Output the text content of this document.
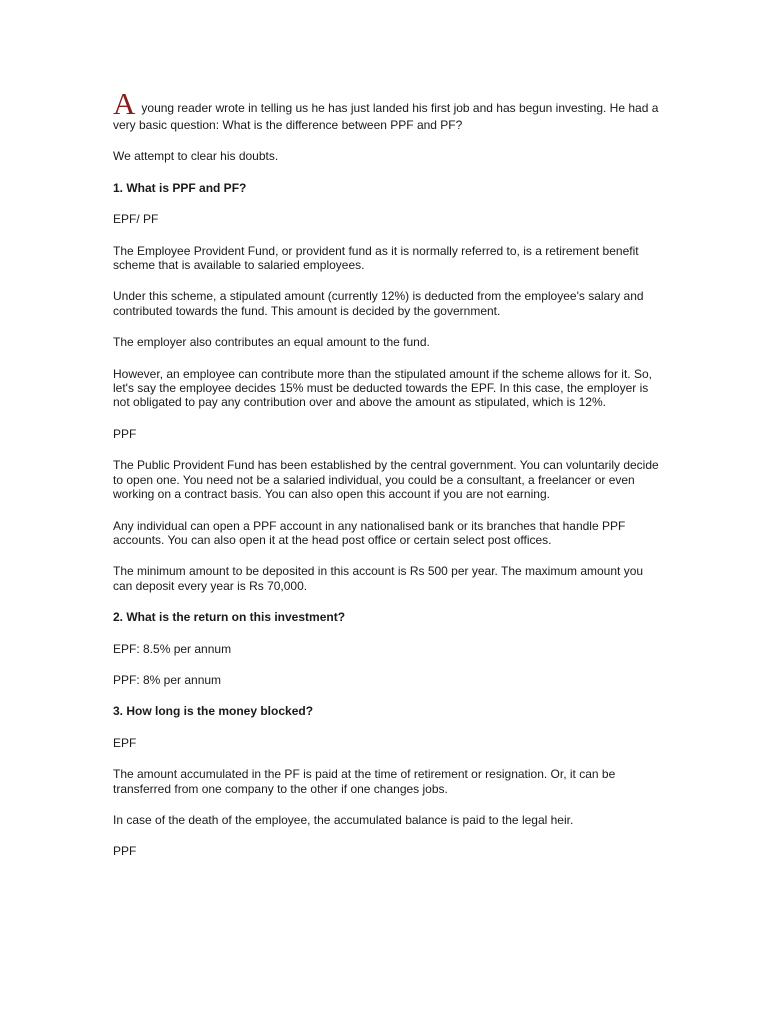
Ayoung reader wrote in telling us he has just landed his first job and has begun investing. He had a very basic question: What is the difference between PPF and PF?

We attempt to clear his doubts.

1. What is PPF and PF?

EPF/ PF

The Employee Provident Fund, or provident fund as it is normally referred to, is a retirement benefit scheme that is available to salaried employees.

Under this scheme, a stipulated amount (currently 12%) is deducted from the employee's salary and contributed towards the fund. This amount is decided by the government.

The employer also contributes an equal amount to the fund.

However, an employee can contribute more than the stipulated amount if the scheme allows for it. So, let's say the employee decides 15% must be deducted towards the EPF. In this case, the employer is not obligated to pay any contribution over and above the amount as stipulated, which is 12%.

PPF

The Public Provident Fund has been established by the central government. You can voluntarily decide to open one. You need not be a salaried individual, you could be a consultant, a freelancer or even working on a contract basis. You can also open this account if you are not earning.

Any individual can open a PPF account in any nationalised bank or its branches that handle PPF accounts. You can also open it at the head post office or certain select post offices.

The minimum amount to be deposited in this account is Rs 500 per year. The maximum amount you can deposit every year is Rs 70,000.

2. What is the return on this investment?

EPF: 8.5% per annum

PPF: 8% per annum

3. How long is the money blocked?

EPF

The amount accumulated in the PF is paid at the time of retirement or resignation. Or, it can be transferred from one company to the other if one changes jobs.

In case of the death of the employee, the accumulated balance is paid to the legal heir.

PPF
